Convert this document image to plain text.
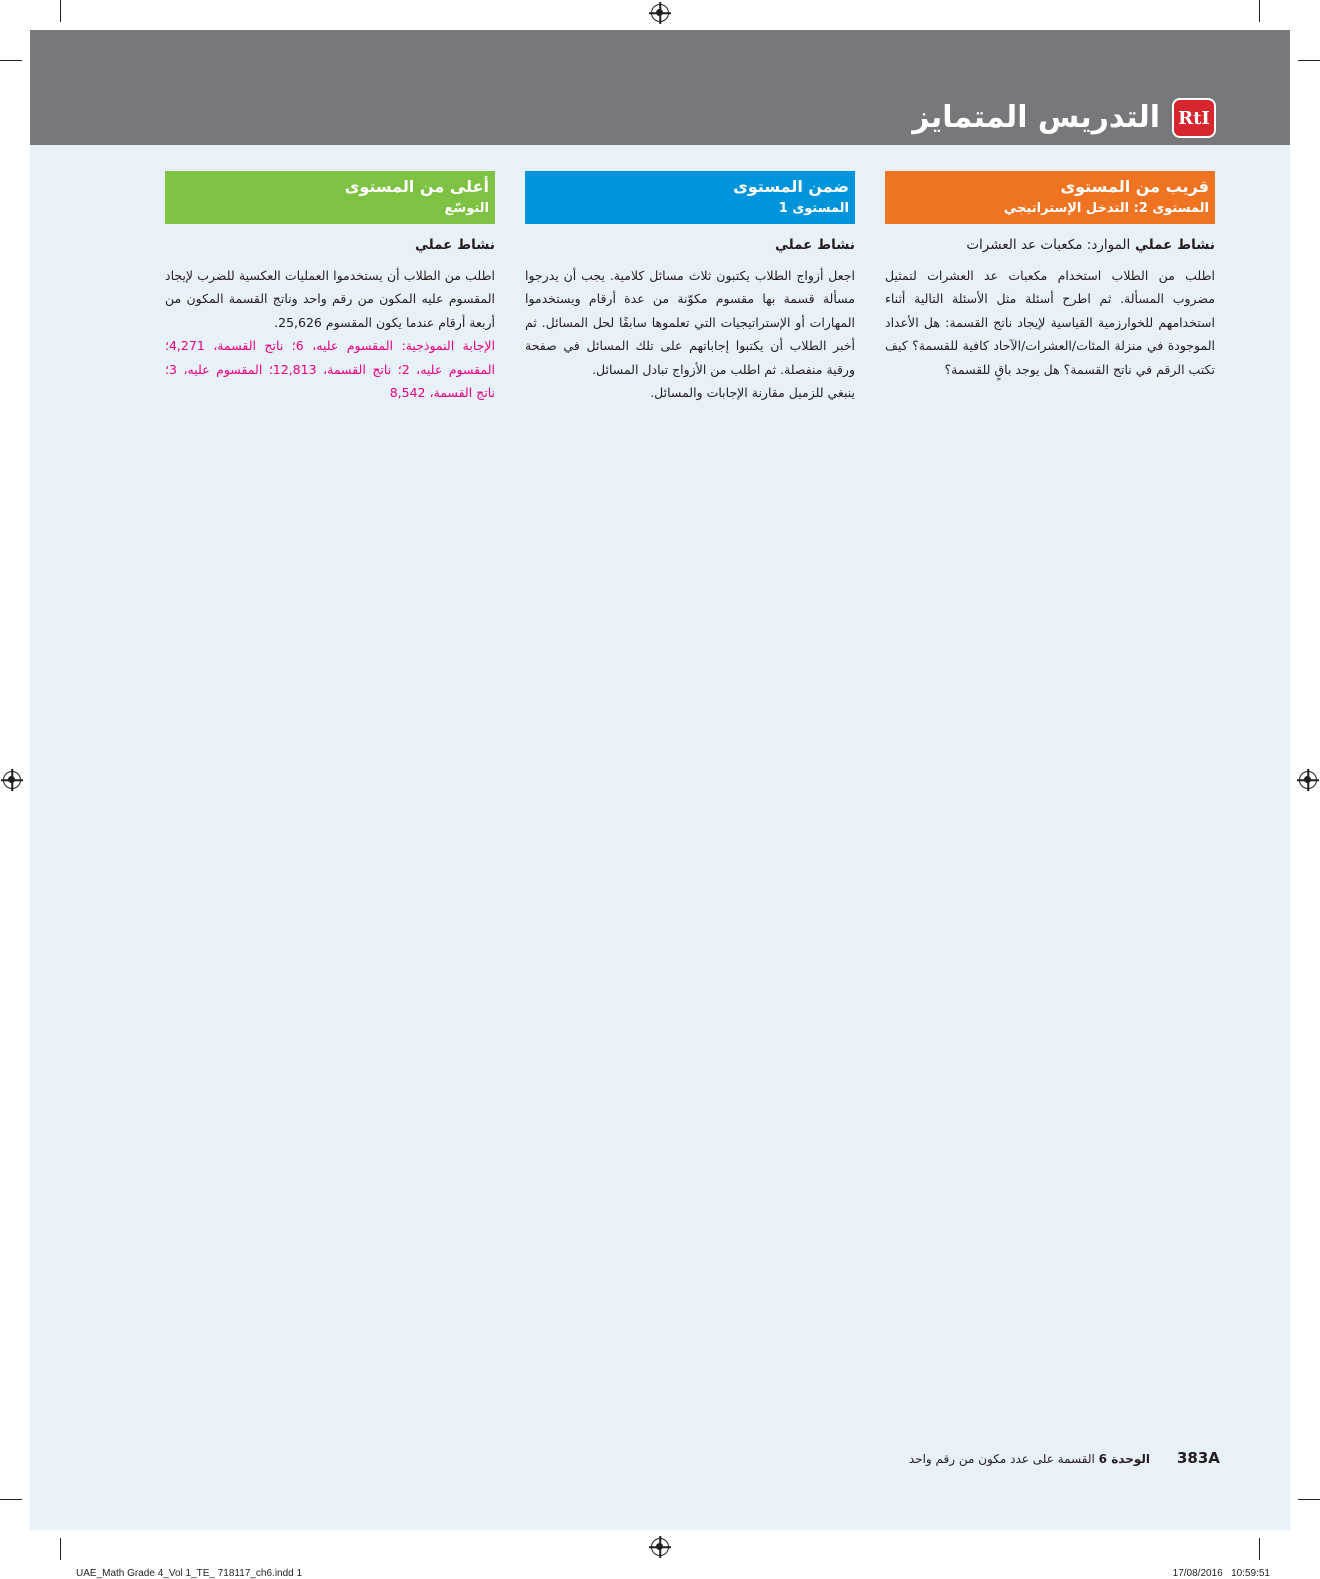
التدريس المتمايز	RtI
قريب من المستوى
المستوى 2: التدخل الإستراتيجي
نشاط عملي الموارد: مكعبات عد العشرات

اطلب من الطلاب استخدام مكعبات عد العشرات لتمثيل مضروب المسألة. ثم اطرح أسئلة مثل الأسئلة التالية أثناء استخدامهم للخوارزمية القياسية لإيجاد ناتج القسمة: هل الأعداد الموجودة في منزلة المئات/العشرات/الآحاد كافية للقسمة؟ كيف تكتب الرقم في ناتج القسمة؟ هل يوجد باقٍ للقسمة؟

ضمن المستوى
المستوى 1
نشاط عملي

اجعل أزواج الطلاب يكتبون ثلاث مسائل كلامية. يجب أن يدرجوا مسألة قسمة بها مقسوم مكوّنة من عدة أرقام ويستخدموا المهارات أو الإستراتيجيات التي تعلموها سابقًا لحل المسائل. ثم أخبر الطلاب أن يكتبوا إجاباتهم على تلك المسائل في صفحة ورقية منفصلة. ثم اطلب من الأزواج تبادل المسائل.

ينبغي للزميل مقارنة الإجابات والمسائل.

أعلى من المستوى
التوسّع
نشاط عملي

اطلب من الطلاب أن يستخدموا العمليات العكسية للضرب لإيجاد المقسوم عليه المكون من رقم واحد وناتج القسمة المكون من أربعة أرقام عندما يكون المقسوم 25,626.

الإجابة النموذجية: المقسوم عليه، 6؛ ناتج القسمة، 4,271؛ المقسوم عليه، 2؛ ناتج القسمة، 12,813؛ المقسوم عليه، 3؛ ناتج القسمة، 8,542

383A
الوحدة 6 القسمة على عدد مكون من رقم واحد
UAE_Math Grade 4_Vol 1_TE_ 718117_ch6.indd 1	17/08/2016 10:59:51
